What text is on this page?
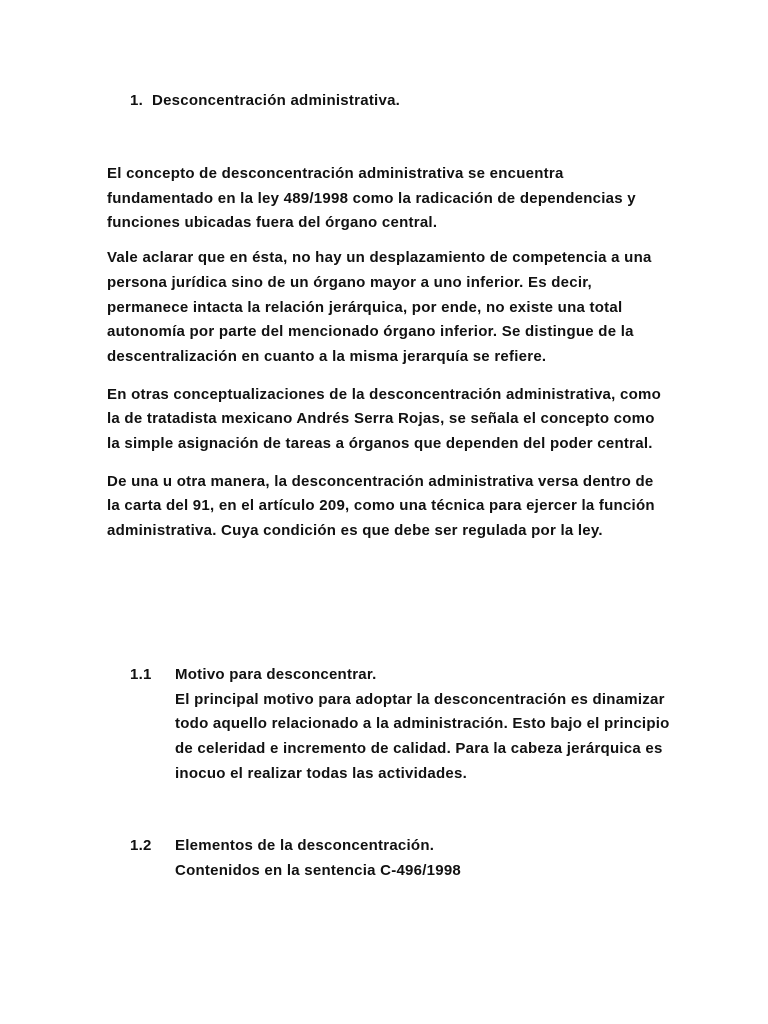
1. Desconcentración administrativa.

El concepto de desconcentración administrativa se encuentra fundamentado en la ley 489/1998 como la radicación de dependencias y funciones ubicadas fuera del órgano central.

Vale aclarar que en ésta, no hay un desplazamiento de competencia a una persona jurídica sino de un órgano mayor a uno inferior. Es decir, permanece intacta la relación jerárquica, por ende, no existe una total autonomía por parte del mencionado órgano inferior. Se distingue de la descentralización en cuanto a la misma jerarquía se refiere.

En otras conceptualizaciones de la desconcentración administrativa, como la de tratadista mexicano Andrés Serra Rojas, se señala el concepto como la simple asignación de tareas a órganos que dependen del poder central.

De una u otra manera, la desconcentración administrativa versa dentro de la carta del 91, en el artículo 209, como una técnica para ejercer la función administrativa. Cuya condición es que debe ser regulada por la ley.

1.1	Motivo para desconcentrar.
El principal motivo para adoptar la desconcentración es dinamizar todo aquello relacionado a la administración. Esto bajo el principio de celeridad e incremento de calidad. Para la cabeza jerárquica es inocuo el realizar todas las actividades.
1.2	Elementos de la desconcentración.
Contenidos en la sentencia C-496/1998
